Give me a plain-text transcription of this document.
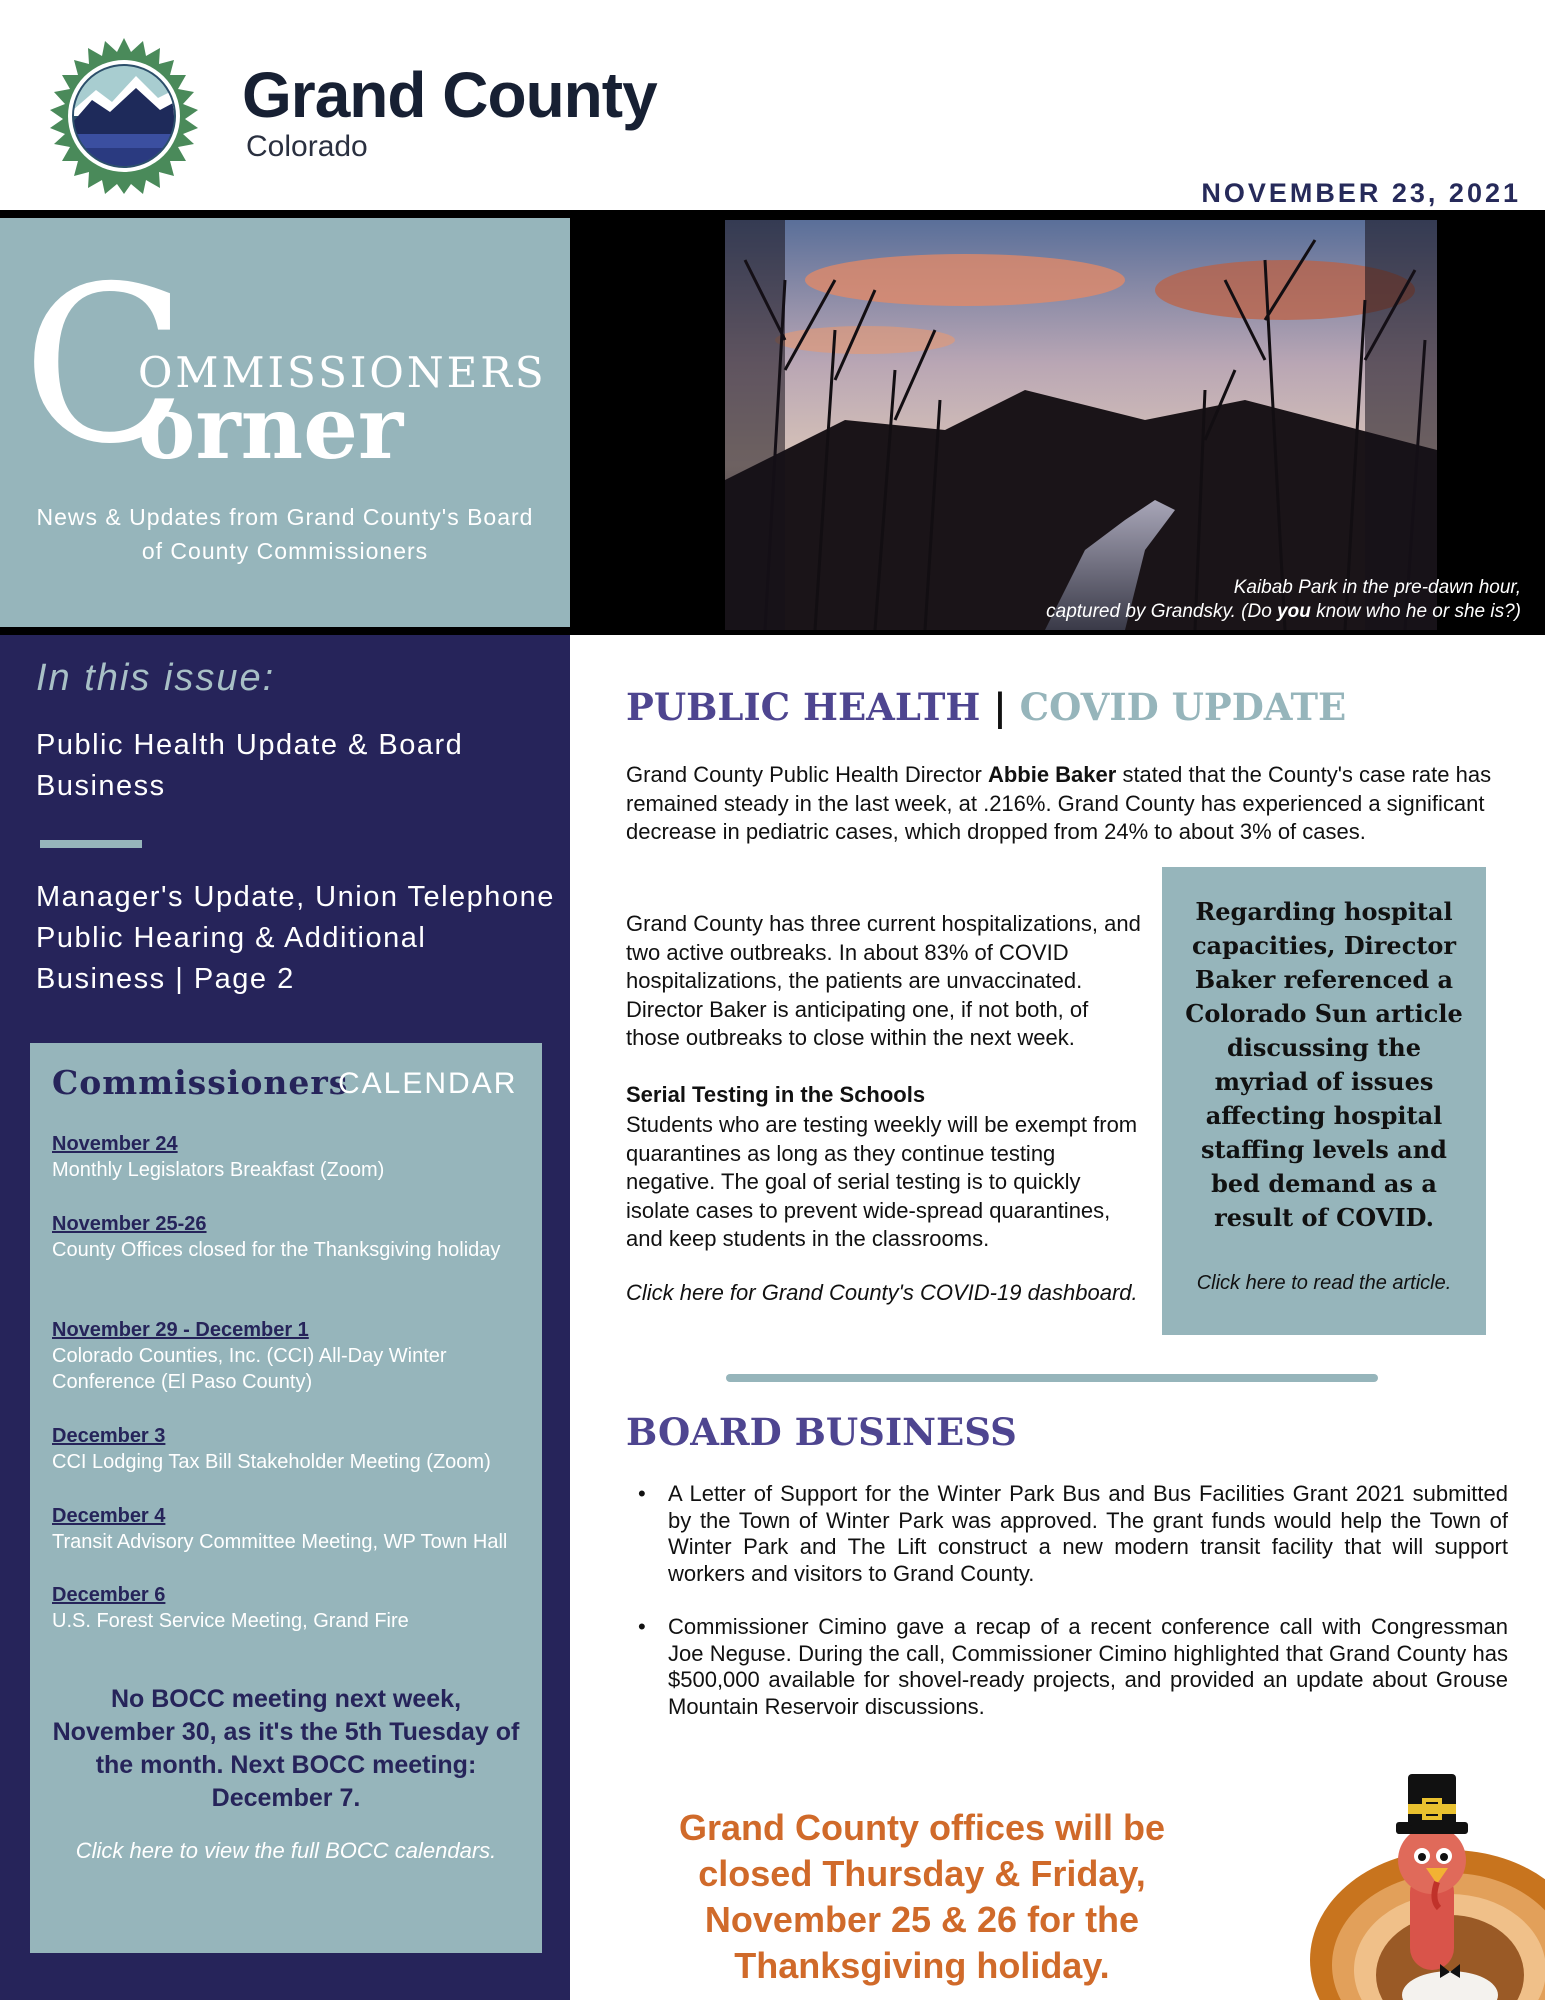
Grand County
Colorado
NOVEMBER 23, 2021
C
OMMISSIONERS
orner
News & Updates from Grand County's Board of County Commissioners
Kaibab Park in the pre-dawn hour,
captured by Grandsky. (Do you know who he or she is?)
In this issue:
Public Health Update & Board Business
Manager's Update, Union Telephone Public Hearing & Additional Business | Page 2
Commissioners
CALENDAR
November 24
Monthly Legislators Breakfast (Zoom)
November 25-26
County Offices closed for the Thanksgiving holiday
November 29 - December 1
Colorado Counties, Inc. (CCI) All-Day Winter Conference (El Paso County)
December 3
CCI Lodging Tax Bill Stakeholder Meeting (Zoom)
December 4
Transit Advisory Committee Meeting, WP Town Hall
December 6
U.S. Forest Service Meeting, Grand Fire
No BOCC meeting next week, November 30, as it's the 5th Tuesday of the month. Next BOCC meeting: December 7.
Click here to view the full BOCC calendars.
PUBLIC HEALTH | COVID UPDATE

Grand County Public Health Director Abbie Baker stated that the County's case rate has remained steady in the last week, at .216%. Grand County has experienced a significant decrease in pediatric cases, which dropped from 24% to about 3% of cases.

Grand County has three current hospitalizations, and two active outbreaks. In about 83% of COVID hospitalizations, the patients are unvaccinated. Director Baker is anticipating one, if not both, of those outbreaks to close within the next week.

Serial Testing in the Schools

Students who are testing weekly will be exempt from quarantines as long as they continue testing negative. The goal of serial testing is to quickly isolate cases to prevent wide-spread quarantines, and keep students in the classrooms.

Click here for Grand County's COVID-19 dashboard.
Regarding hospital capacities, Director Baker referenced a Colorado Sun article discussing the myriad of issues affecting hospital staffing levels and bed demand as a result of COVID.
Click here to read the article.
BOARD BUSINESS
• A Letter of Support for the Winter Park Bus and Bus Facilities Grant 2021 submitted by the Town of Winter Park was approved. The grant funds would help the Town of Winter Park and The Lift construct a new modern transit facility that will support workers and visitors to Grand County.
• Commissioner Cimino gave a recap of a recent conference call with Congressman Joe Neguse. During the call, Commissioner Cimino highlighted that Grand County has $500,000 available for shovel-ready projects, and provided an update about Grouse Mountain Reservoir discussions.
Grand County offices will be closed Thursday & Friday, November 25 & 26 for the Thanksgiving holiday.
